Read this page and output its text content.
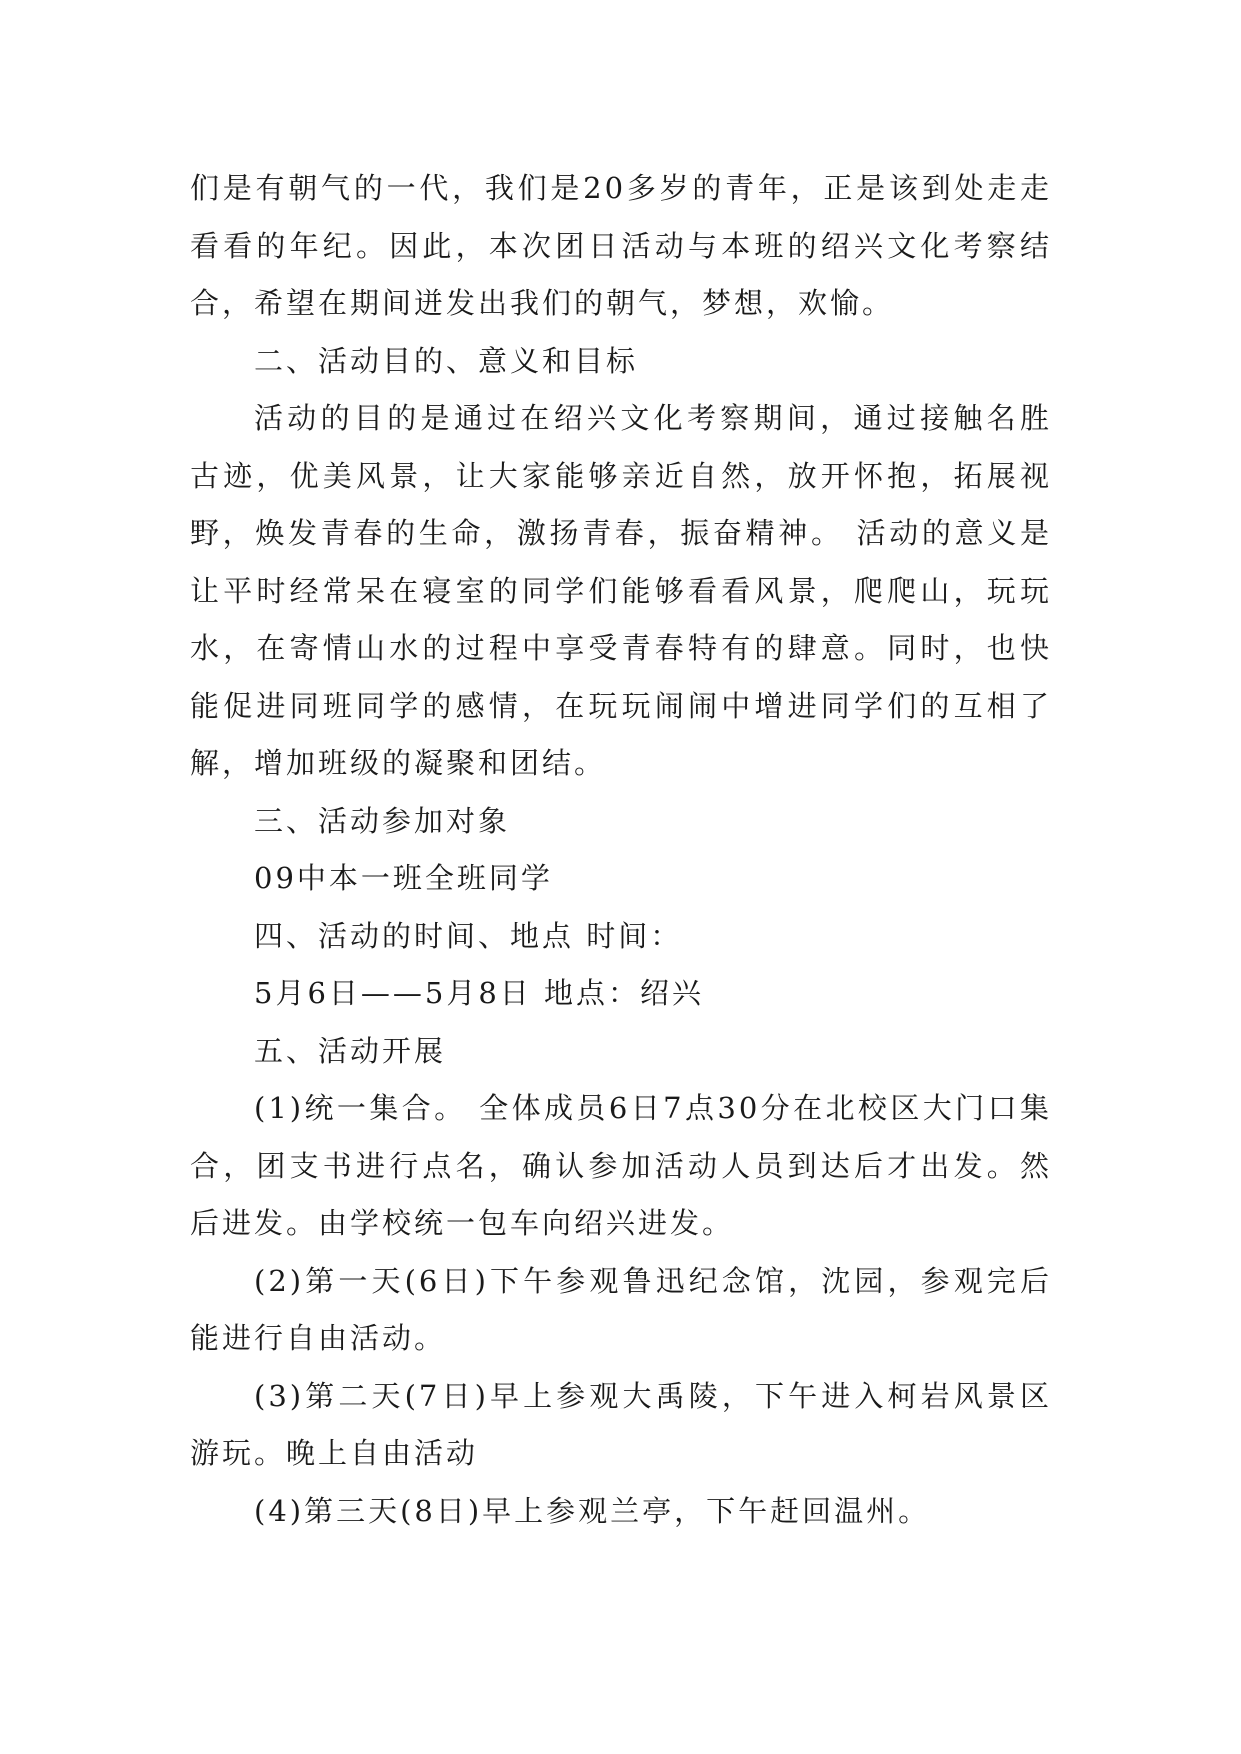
们是有朝气的一代，我们是20多岁的青年，正是该到处走走看看的年纪。因此，本次团日活动与本班的绍兴文化考察结合，希望在期间迸发出我们的朝气，梦想，欢愉。

二、活动目的、意义和目标

活动的目的是通过在绍兴文化考察期间，通过接触名胜古迹，优美风景，让大家能够亲近自然，放开怀抱，拓展视野，焕发青春的生命，激扬青春，振奋精神。 活动的意义是让平时经常呆在寝室的同学们能够看看风景，爬爬山，玩玩水，在寄情山水的过程中享受青春特有的肆意。同时，也快能促进同班同学的感情，在玩玩闹闹中增进同学们的互相了解，增加班级的凝聚和团结。

三、活动参加对象

09中本一班全班同学

四、活动的时间、地点 时间：

5月6日——5月8日 地点：绍兴

五、活动开展

(1)统一集合。 全体成员6日7点30分在北校区大门口集合，团支书进行点名，确认参加活动人员到达后才出发。然后进发。由学校统一包车向绍兴进发。

(2)第一天(6日)下午参观鲁迅纪念馆，沈园，参观完后能进行自由活动。

(3)第二天(7日)早上参观大禹陵，下午进入柯岩风景区游玩。晚上自由活动

(4)第三天(8日)早上参观兰亭，下午赶回温州。
